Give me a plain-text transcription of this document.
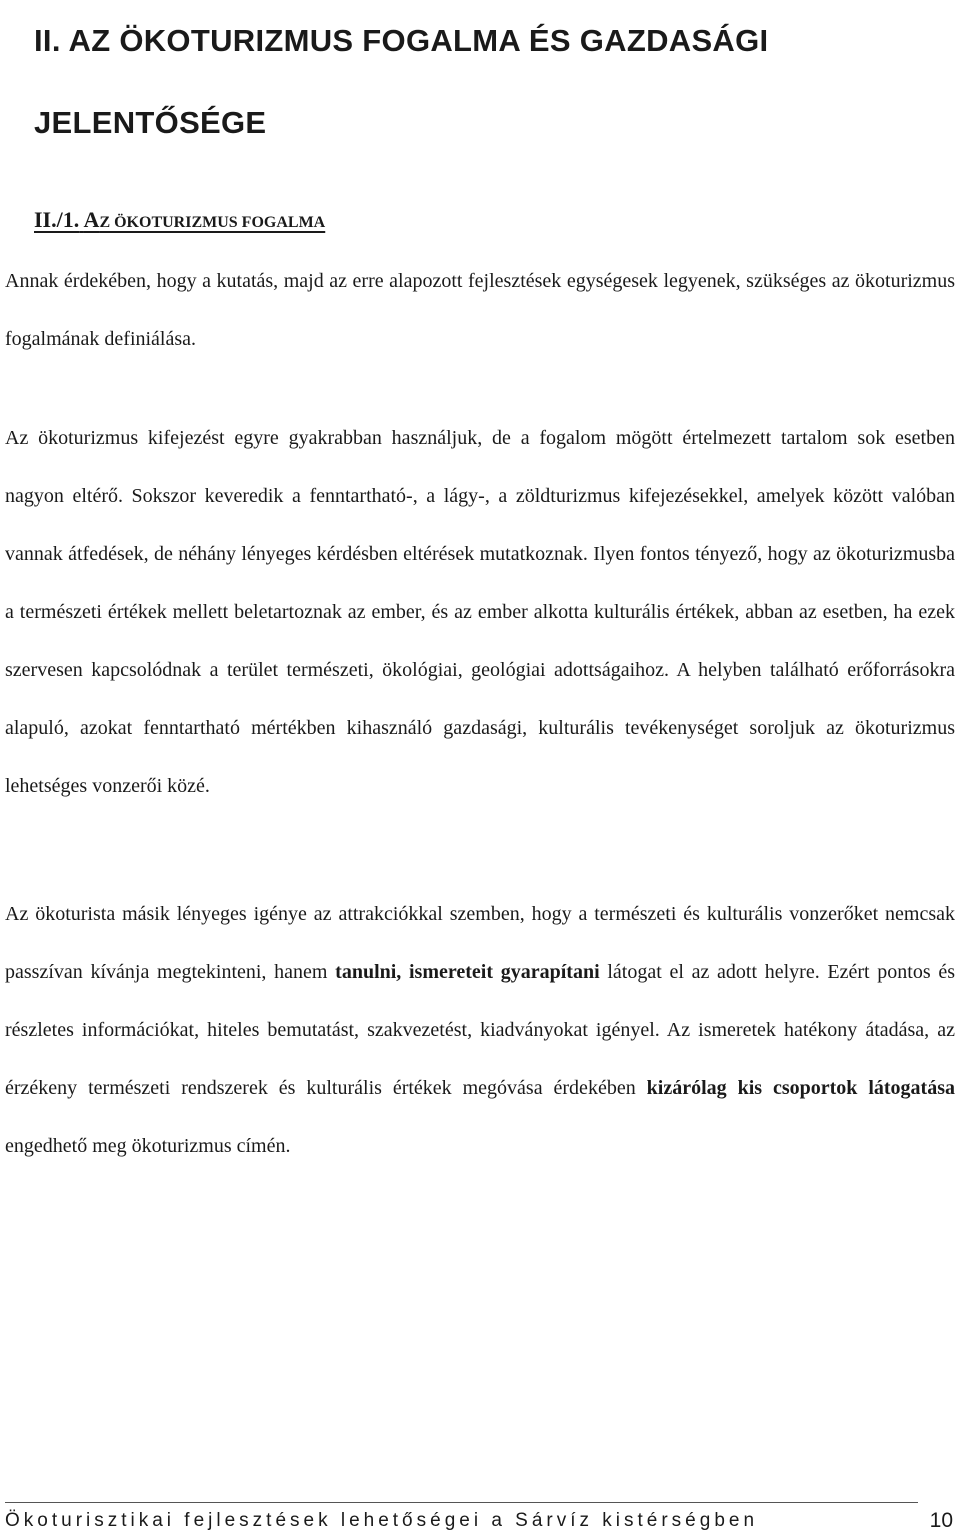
II. AZ ÖKOTURIZMUS FOGALMA ÉS GAZDASÁGI JELENTŐSÉGE
II./1. AZ ÖKOTURIZMUS FOGALMA

Annak érdekében, hogy a kutatás, majd az erre alapozott fejlesztések egységesek legyenek, szükséges az ökoturizmus fogalmának definiálása.

Az ökoturizmus kifejezést egyre gyakrabban használjuk, de a fogalom mögött értelmezett tartalom sok esetben nagyon eltérő. Sokszor keveredik a fenntartható-, a lágy-, a zöldturizmus kifejezésekkel, amelyek között valóban vannak átfedések, de néhány lényeges kérdésben eltérések mutatkoznak. Ilyen fontos tényező, hogy az ökoturizmusba a természeti értékek mellett beletartoznak az ember, és az ember alkotta kulturális értékek, abban az esetben, ha ezek szervesen kapcsolódnak a terület természeti, ökológiai, geológiai adottságaihoz. A helyben található erőforrásokra alapuló, azokat fenntartható mértékben kihasználó gazdasági, kulturális tevékenységet soroljuk az ökoturizmus lehetséges vonzerői közé.

Az ökoturista másik lényeges igénye az attrakciókkal szemben, hogy a természeti és kulturális vonzerőket nemcsak passzívan kívánja megtekinteni, hanem tanulni, ismereteit gyarapítani látogat el az adott helyre. Ezért pontos és részletes információkat, hiteles bemutatást, szakvezetést, kiadványokat igényel. Az ismeretek hatékony átadása, az érzékeny természeti rendszerek és kulturális értékek megóvása érdekében kizárólag kis csoportok látogatása engedhető meg ökoturizmus címén.

Ökoturisztikai fejlesztések lehetőségei a Sárvíz kistérségben	10
